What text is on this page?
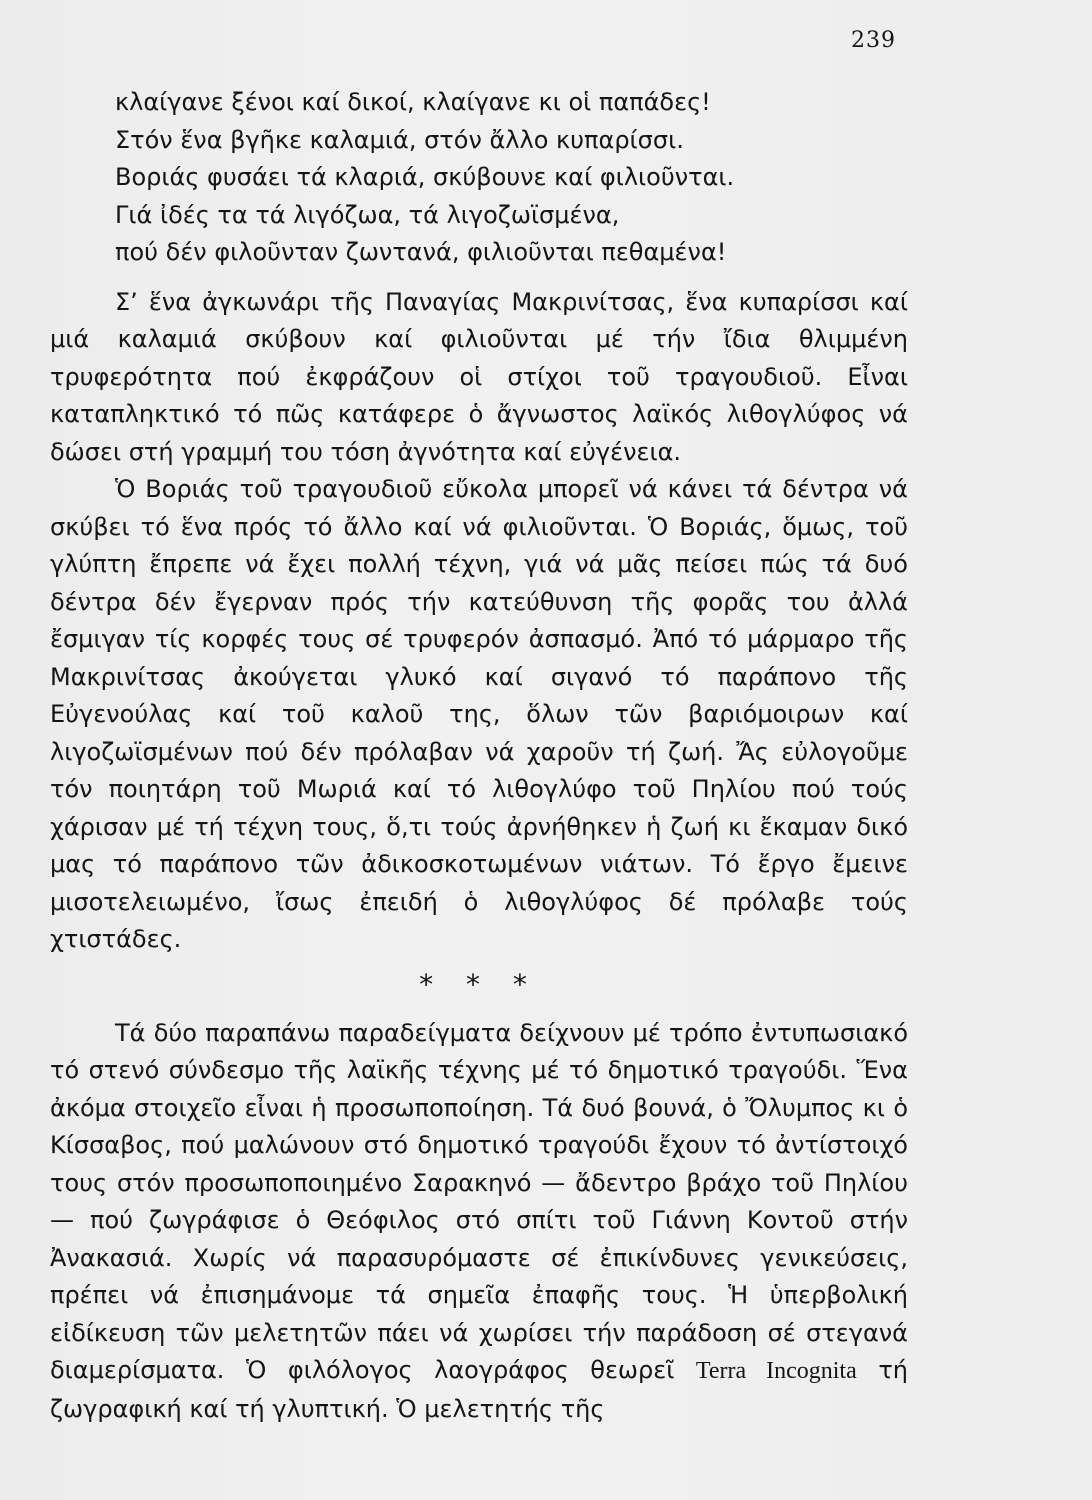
239
κλαίγανε ξένοι καί δικοί, κλαίγανε κι οἱ παπάδες!
Στόν ἕνα βγῆκε καλαμιά, στόν ἄλλο κυπαρίσσι.
Βοριάς φυσάει τά κλαριά, σκύβουνε καί φιλιοῦνται.
Γιά ἰδές τα τά λιγόζωα, τά λιγοζωϊσμένα,
πού δέν φιλοῦνταν ζωντανά, φιλιοῦνται πεθαμένα!

Σ’ ἕνα ἀγκωνάρι τῆς Παναγίας Μακρινίτσας, ἕνα κυπαρίσσι καί μιά καλαμιά σκύβουν καί φιλιοῦνται μέ τήν ἴδια θλιμμένη τρυφερότητα πού ἐκφράζουν οἱ στίχοι τοῦ τραγουδιοῦ. Εἶναι καταπληκτικό τό πῶς κατάφερε ὁ ἄγνωστος λαϊκός λιθογλύφος νά δώσει στή γραμμή του τόση ἀγνότητα καί εὐγένεια.

Ὁ Βοριάς τοῦ τραγουδιοῦ εὔκολα μπορεῖ νά κάνει τά δέντρα νά σκύβει τό ἕνα πρός τό ἄλλο καί νά φιλιοῦνται. Ὁ Βοριάς, ὅμως, τοῦ γλύπτη ἔπρεπε νά ἔχει πολλή τέχνη, γιά νά μᾶς πείσει πώς τά δυό δέντρα δέν ἔγερναν πρός τήν κατεύθυνση τῆς φορᾶς του ἀλλά ἔσμιγαν τίς κορφές τους σέ τρυφερόν ἀσπασμό. Ἀπό τό μάρμαρο τῆς Μακρινίτσας ἀκούγεται γλυκό καί σιγανό τό παράπονο τῆς Εὐγενούλας καί τοῦ καλοῦ της, ὅλων τῶν βαριόμοιρων καί λιγοζωϊσμένων πού δέν πρόλαβαν νά χαροῦν τή ζωή. Ἄς εὐλογοῦμε τόν ποιητάρη τοῦ Μωριά καί τό λιθογλύφο τοῦ Πηλίου πού τούς χάρισαν μέ τή τέχνη τους, ὅ,τι τούς ἀρνήθηκεν ἡ ζωή κι ἔκαμαν δικό μας τό παράπονο τῶν ἀδικοσκοτωμένων νιάτων. Τό ἔργο ἔμεινε μισοτελειωμένο, ἴσως ἐπειδή ὁ λιθογλύφος δέ πρόλαβε τούς χτιστάδες.

* * *

Τά δύο παραπάνω παραδείγματα δείχνουν μέ τρόπο ἐντυπωσιακό τό στενό σύνδεσμο τῆς λαϊκῆς τέχνης μέ τό δημοτικό τραγούδι. Ἕνα ἀκόμα στοιχεῖο εἶναι ἡ προσωποποίηση. Τά δυό βουνά, ὁ Ὄλυμπος κι ὁ Κίσσαβος, πού μαλώνουν στό δημοτικό τραγούδι ἔχουν τό ἀντίστοιχό τους στόν προσωποποιημένο Σαρακηνό — ἄδεντρο βράχο τοῦ Πηλίου — πού ζωγράφισε ὁ Θεόφιλος στό σπίτι τοῦ Γιάννη Κοντοῦ στήν Ἀνακασιά. Χωρίς νά παρασυρόμαστε σέ ἐπικίνδυνες γενικεύσεις, πρέπει νά ἐπισημάνομε τά σημεῖα ἐπαφῆς τους. Ἡ ὑπερβολική εἰδίκευση τῶν μελετητῶν πάει νά χωρίσει τήν παράδοση σέ στεγανά διαμερίσματα. Ὁ φιλόλογος λαογράφος θεωρεῖ Terra Incognita τή ζωγραφική καί τή γλυπτική. Ὁ μελετητής τῆς
